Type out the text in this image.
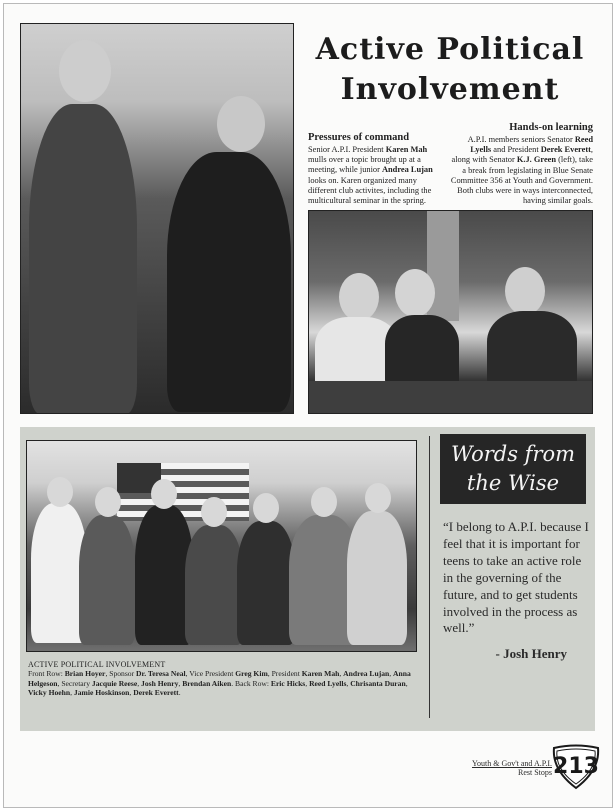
Active Political
Involvement
Pressures of command
Senior A.P.I. President Karen Mah mulls over a topic brought up at a meeting, while junior Andrea Lujan looks on. Karen organized many different club activites, including the multicultural seminar in the spring.
Hands-on learning
A.P.I. members seniors Senator Reed Lyells and President Derek Everett, along with Senator K.J. Green (left), take a break from legislating in Blue Senate Committee 356 at Youth and Government. Both clubs were in ways interconnected, having similar goals.
ACTIVE POLITICAL INVOLVEMENT
Front Row: Brian Hoyer, Sponsor Dr. Teresa Neal, Vice President Greg Kim, President Karen Mah, Andrea Lujan, Anna Helgeson, Secretary Jacquie Reese, Josh Henry, Brendan Aiken. Back Row: Eric Hicks, Reed Lyells, Chrisanta Duran, Vicky Hoehn, Jamie Hoskinson, Derek Everett.
Words from
the Wise
“I belong to A.P.I. because I feel that it is important for teens to take an active role in the governing of the future, and to get students involved in the process as well.”
- Josh Henry
Youth & Gov't and A.P.I.
Rest Stops 213
